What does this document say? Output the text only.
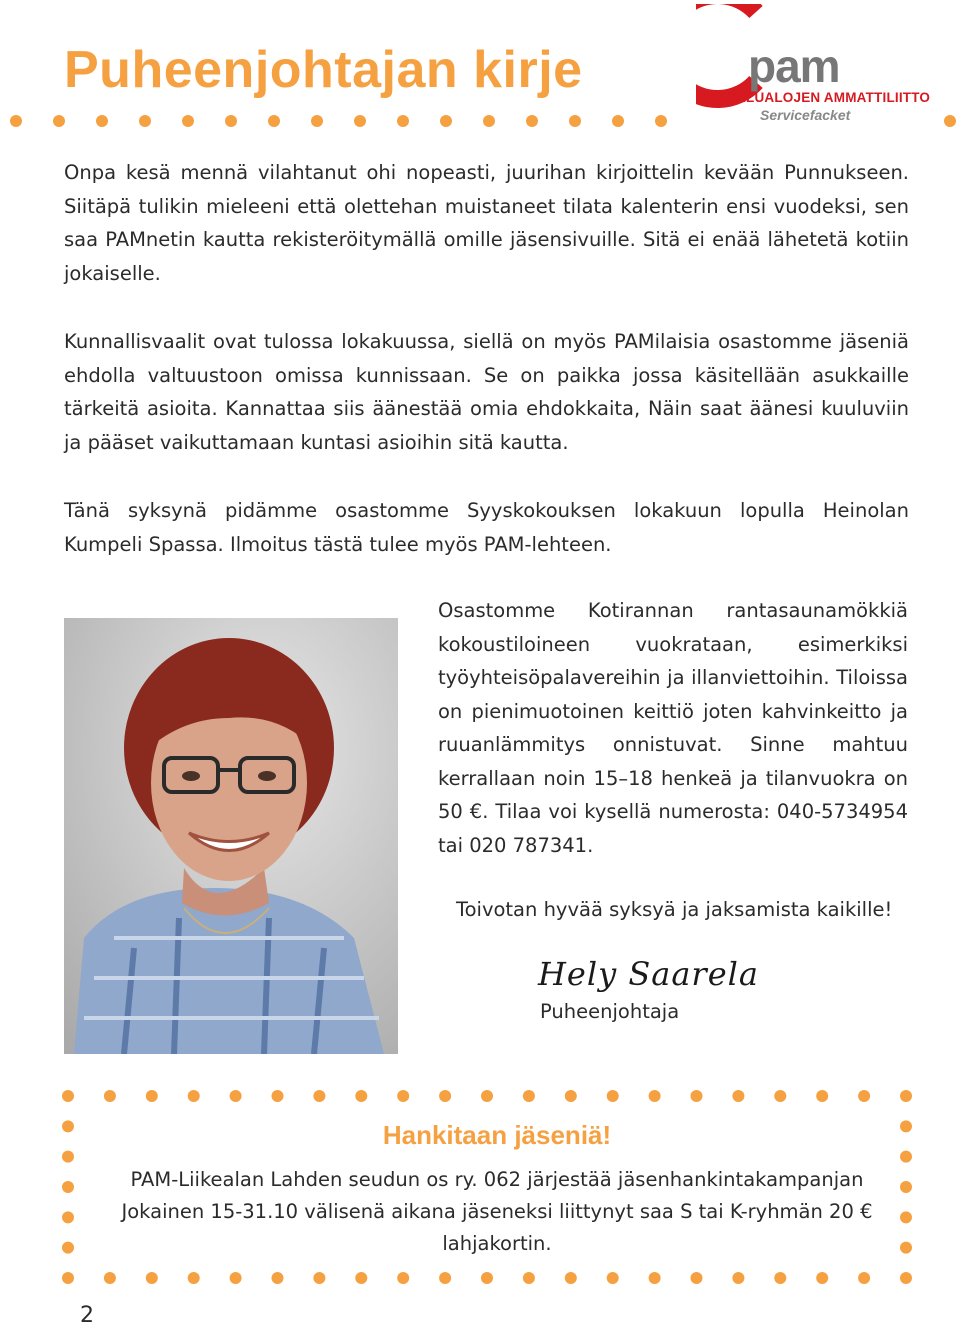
Puheenjohtajan kirje	pam
PALVELUALOJEN AMMATTILIITTO
Servicefacket

Onpa kesä mennä vilahtanut ohi nopeasti, juurihan kirjoittelin kevään Punnukseen. Siitäpä tulikin mieleeni että olettehan muistaneet tilata kalenterin ensi vuodeksi, sen saa PAMnetin kautta rekisteröitymällä omille jäsensivuille. Sitä ei enää lähetetä kotiin jokaiselle.

Kunnallisvaalit ovat tulossa lokakuussa, siellä on myös PAMilaisia osastomme jäseniä ehdolla valtuustoon omissa kunnissaan. Se on paikka jossa käsitellään asukkaille tärkeitä asioita. Kannattaa siis äänestää omia ehdokkaita, Näin saat äänesi kuuluviin ja pääset vaikuttamaan kuntasi asioihin sitä kautta.

Tänä syksynä pidämme osastomme Syyskokouksen lokakuun lopulla Heinolan Kumpeli Spassa. Ilmoitus tästä tulee myös PAM-lehteen.

Osastomme Kotirannan rantasaunamökkiä kokoustiloineen vuokrataan, esimerkiksi työyhteisöpalavereihin ja illanviettoihin. Tiloissa on pienimuotoinen keittiö joten kahvinkeitto ja ruuanlämmitys onnistuvat. Sinne mahtuu kerrallaan noin 15–18 henkeä ja tilanvuokra on 50 €. Tilaa voi kysellä numerosta: 040-5734954 tai 020 787341.

Toivotan hyvää syksyä ja jaksamista kaikille!

Hely Saarela

Puheenjohtaja

Hankitaan jäseniä!

PAM-Liikealan Lahden seudun os ry. 062 järjestää jäsenhankintakampanjan Jokainen 15-31.10 välisenä aikana jäseneksi liittynyt saa S tai K-ryhmän 20 € lahjakortin.

2
